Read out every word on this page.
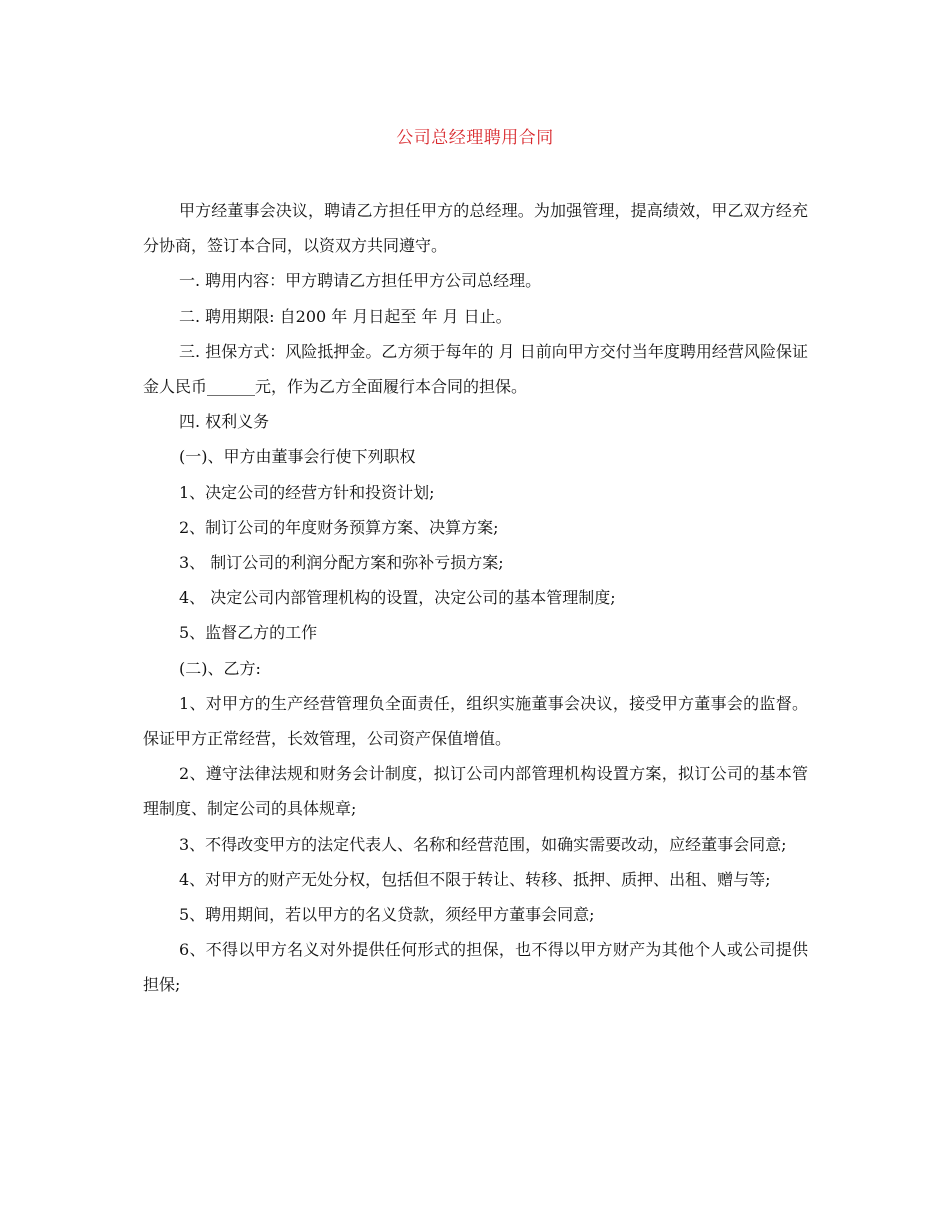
公司总经理聘用合同

甲方经董事会决议，聘请乙方担任甲方的总经理。为加强管理，提高绩效，甲乙双方经充分协商，签订本合同，以资双方共同遵守。

一. 聘用内容：甲方聘请乙方担任甲方公司总经理。

二. 聘用期限: 自200 年 月日起至 年 月 日止。

三. 担保方式：风险抵押金。乙方须于每年的 月 日前向甲方交付当年度聘用经营风险保证金人民币______元，作为乙方全面履行本合同的担保。

四. 权利义务

(一)、甲方由董事会行使下列职权

1、决定公司的经营方针和投资计划;

2、制订公司的年度财务预算方案、决算方案;

3、 制订公司的利润分配方案和弥补亏损方案;

4、 决定公司内部管理机构的设置，决定公司的基本管理制度;

5、监督乙方的工作

(二)、乙方:

1、对甲方的生产经营管理负全面责任，组织实施董事会决议，接受甲方董事会的监督。保证甲方正常经营，长效管理，公司资产保值增值。

2、遵守法律法规和财务会计制度，拟订公司内部管理机构设置方案，拟订公司的基本管理制度、制定公司的具体规章;

3、不得改变甲方的法定代表人、名称和经营范围，如确实需要改动，应经董事会同意;

4、对甲方的财产无处分权，包括但不限于转让、转移、抵押、质押、出租、赠与等;

5、聘用期间，若以甲方的名义贷款，须经甲方董事会同意;

6、不得以甲方名义对外提供任何形式的担保，也不得以甲方财产为其他个人或公司提供担保;
